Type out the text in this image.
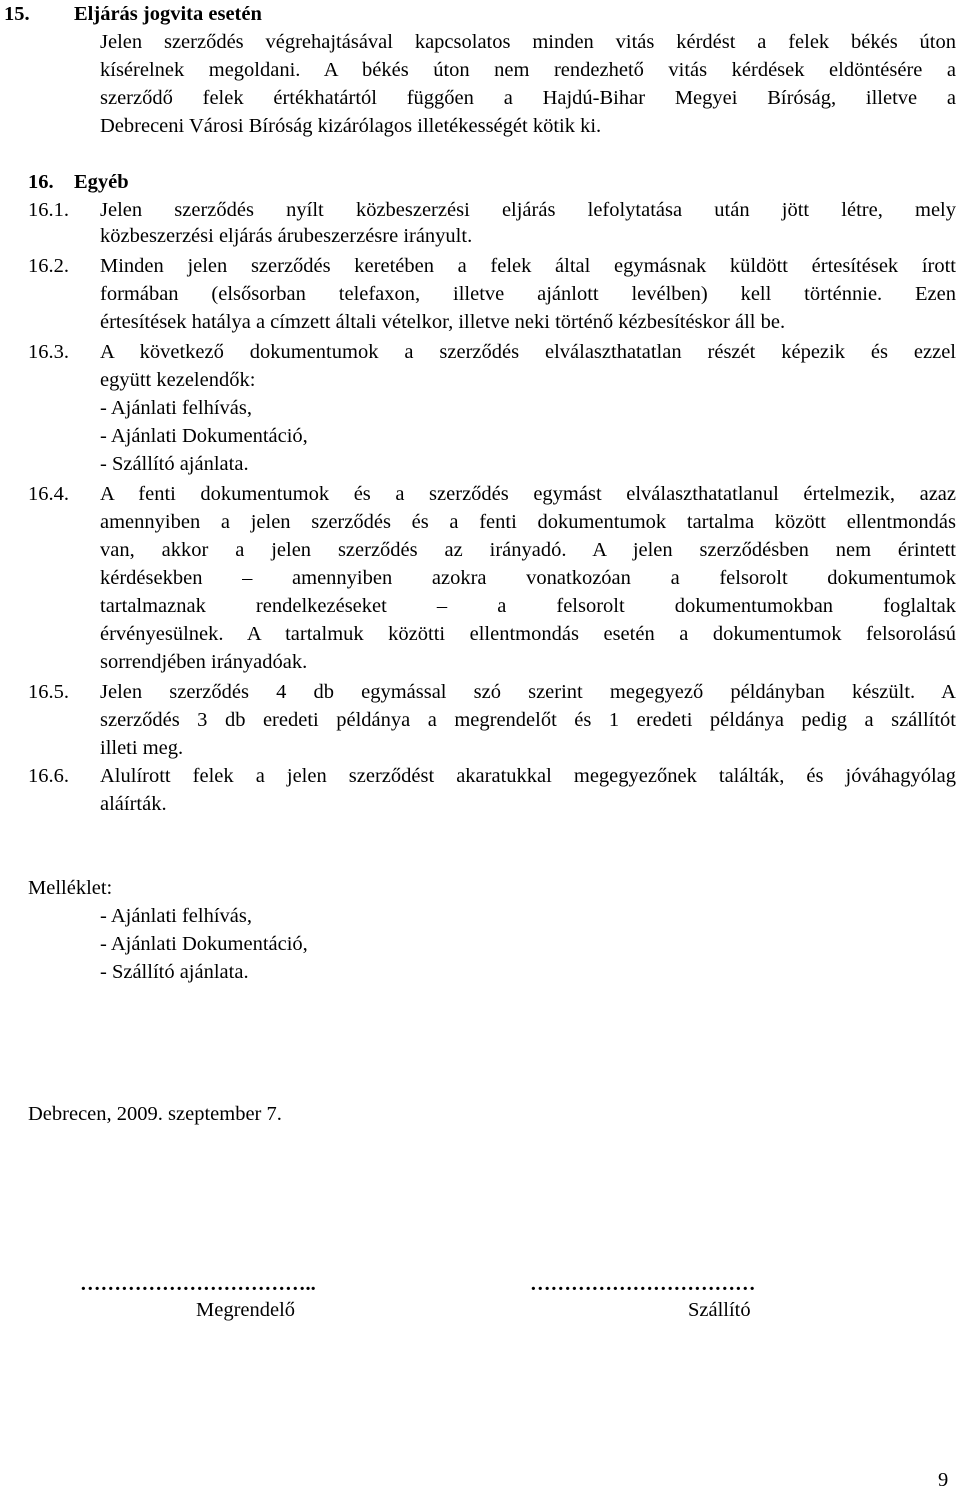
15. Eljárás jogvita esetén
Jelen szerződés végrehajtásával kapcsolatos minden vitás kérdést a felek békés úton
kísérelnek megoldani. A békés úton nem rendezhető vitás kérdések eldöntésére a
szerződő felek értékhatártól függően a Hajdú-Bihar Megyei Bíróság, illetve a
Debreceni Városi Bíróság kizárólagos illetékességét kötik ki.
16. Egyéb
16.1. Jelen szerződés nyílt közbeszerzési eljárás lefolytatása után jött létre, mely
közbeszerzési eljárás árubeszerzésre irányult.
16.2. Minden jelen szerződés keretében a felek által egymásnak küldött értesítések írott
formában (elsősorban telefaxon, illetve ajánlott levélben) kell történnie. Ezen
értesítések hatálya a címzett általi vételkor, illetve neki történő kézbesítéskor áll be.
16.3. A következő dokumentumok a szerződés elválaszthatatlan részét képezik és ezzel
együtt kezelendők:
- Ajánlati felhívás,
- Ajánlati Dokumentáció,
- Szállító ajánlata.
16.4. A fenti dokumentumok és a szerződés egymást elválaszthatatlanul értelmezik, azaz
amennyiben a jelen szerződés és a fenti dokumentumok tartalma között ellentmondás
van, akkor a jelen szerződés az irányadó. A jelen szerződésben nem érintett
kérdésekben – amennyiben azokra vonatkozóan a felsorolt dokumentumok
tartalmaznak rendelkezéseket – a felsorolt dokumentumokban foglaltak
érvényesülnek. A tartalmuk közötti ellentmondás esetén a dokumentumok felsorolású
sorrendjében irányadóak.
16.5. Jelen szerződés 4 db egymással szó szerint megegyező példányban készült. A
szerződés 3 db eredeti példánya a megrendelőt és 1 eredeti példánya pedig a szállítót
illeti meg.
16.6. Alulírott felek a jelen szerződést akaratukkal megegyezőnek találták, és jóváhagyólag
aláírták.
Melléklet:
- Ajánlati felhívás,
- Ajánlati Dokumentáció,
- Szállító ajánlata.
Debrecen, 2009. szeptember 7.
……………………………..
Megrendelő
……………………………
Szállító
9
